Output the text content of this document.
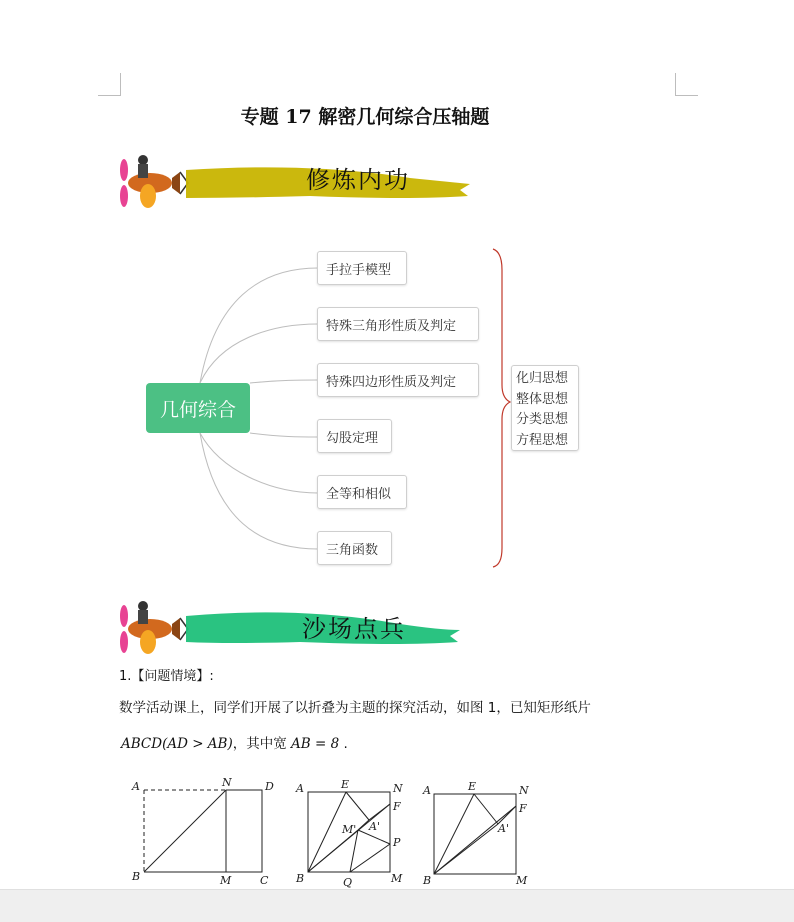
专题 17 解密几何综合压轴题
修炼内功
几何综合
手拉手模型
特殊三角形性质及判定
特殊四边形性质及判定
勾股定理
全等和相似
三角函数
化归思想
整体思想
分类思想
方程思想
沙场点兵
1.【问题情境】:
数学活动课上，同学们开展了以折叠为主题的探究活动，如图 1，已知矩形纸片
ABCD(AD > AB)，其中宽 AB = 8 .
A	N	D
B	M	C
A	E	N
F
M' A'
P
B	Q	M
A	E	N
F
A'
B	M
